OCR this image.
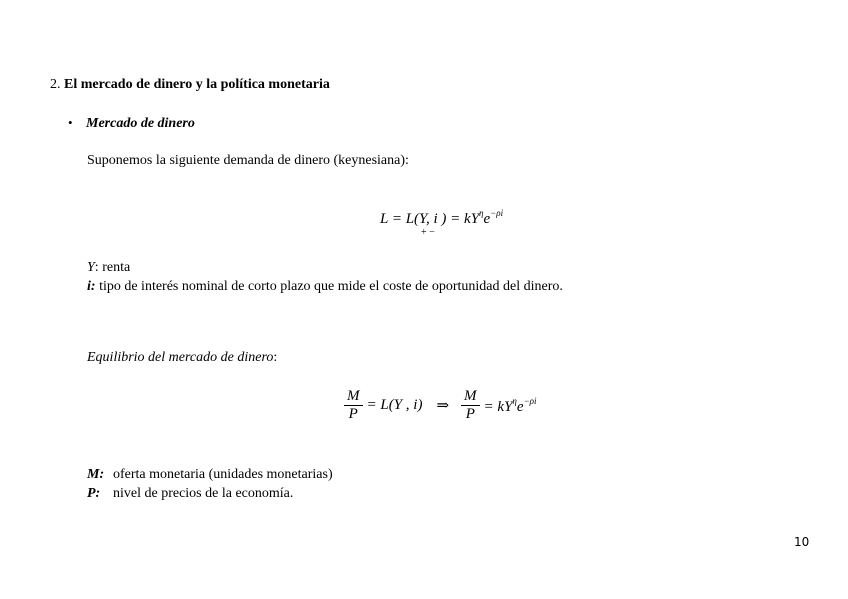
2. El mercado de dinero y la política monetaria
• Mercado de dinero
Suponemos la siguiente demanda de dinero (keynesiana):
L = L(Y, i ) = $kY^\eta e^{-\rho i}$
+ −
Y: renta
i: tipo de interés nominal de corto plazo que mide el coste de oportunidad del dinero.
Equilibrio del mercado de dinero:
$\frac{M}{P} = L(Y$ , i) ⇒ $\frac{M}{P} = kY^\eta e^{-\rho i}$
M: oferta monetaria (unidades monetarias)
P: nivel de precios de la economía.
10
